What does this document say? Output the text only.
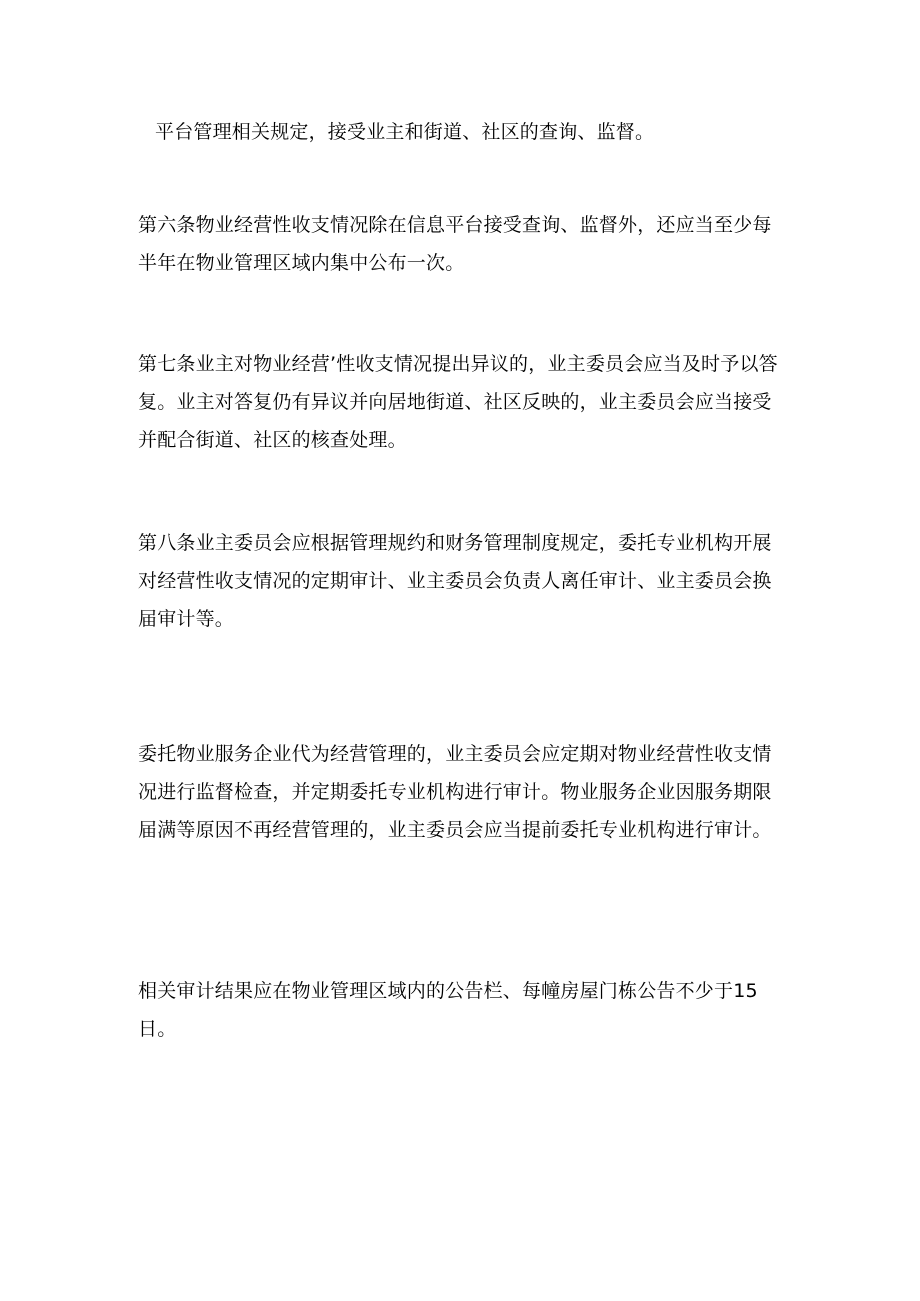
平台管理相关规定，接受业主和街道、社区的查询、监督。

第六条物业经营性收支情况除在信息平台接受查询、监督外，还应当至少每半年在物业管理区域内集中公布一次。

第七条业主对物业经营’性收支情况提出异议的，业主委员会应当及时予以答复。业主对答复仍有异议并向居地街道、社区反映的，业主委员会应当接受并配合街道、社区的核查处理。

第八条业主委员会应根据管理规约和财务管理制度规定，委托专业机构开展对经营性收支情况的定期审计、业主委员会负责人离任审计、业主委员会换届审计等。

委托物业服务企业代为经营管理的，业主委员会应定期对物业经营性收支情况进行监督检查，并定期委托专业机构进行审计。物业服务企业因服务期限届满等原因不再经营管理的，业主委员会应当提前委托专业机构进行审计。

相关审计结果应在物业管理区域内的公告栏、每幢房屋门栋公告不少于15日。
